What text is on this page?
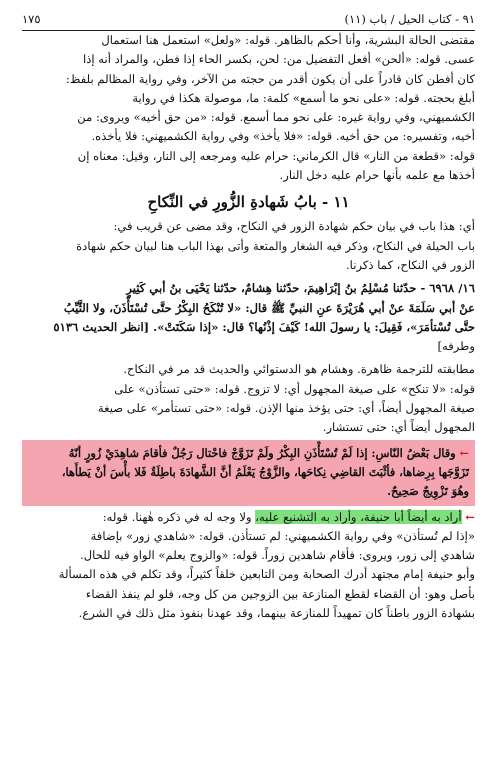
٩١ - كتاب الحيل / باب (١١)
١٧٥

مقتضى الحالة البشرية، وأنا أحكم بالظاهر. قوله: «ولعل» استعمل هنا استعمال

عسى. قوله: «ألحن» أفعل التفضيل من: لحن، بكسر الحاء إذا فطن، والمراد أنه إذا

كان أفطن كان قادراً على أن يكون أقدر من حجته من الآخر، وفي رواية المظالم بلفظ:

أبلغ بحجته. قوله: «على نحو ما أسمع» كلمة: ما، موصولة هكذا في رواية

الكشميهني، وفي رواية غيره: على نحو مما أسمع. قوله: «من حق أخيه» ويروى: من

أخيه، وتفسيره: من حق أخيه. قوله: «فلا يأخذ» وفي رواية الكشميهني: فلا يأخذه.

قوله: «قطعة من النار» قال الكرماني: حرام عليه ومرجعه إلى النار، وقيل: معناه إن

أخذها مع علمه بأنها حرام عليه دخل النار.

١١ - بابُ شَهادةِ الزُّورِ في النِّكاحِ

أي: هذا باب في بيان حكم شهادة الزور في النكاح، وقد مضى عن قريب في:

باب الحيلة في النكاح، وذكر فيه الشغار والمتعة وأتى بهذا الباب هنا لبيان حكم شهادة

الزور في النكاح، كما ذكرنا.

١٦/ ٦٩٦٨ - حدّثنا مُسْلِمُ بنُ إبْرَاهِيمَ، حدّثنا هِشامٌ، حدّثنا يَحْيَى بنُ أبي كَثِيرٍ

عنْ أبي سَلَمَةَ عنْ أبي هُرَيْرَةَ عنِ النبيِّ ﷺ قال: «لا تُنْكَحُ البِكْرُ حتَّى تُسْتَأْذَنَ، ولا الثَّيِّبُ

حتَّى تُسْتأمَرَ»، فَقِيلَ: يا رسولَ الله! كَيْفَ إذْنُها؟ قال: «إذا سَكَتَتْ». [انظر الحديث ٥١٣٦

وطرفه]

مطابقته للترجمة ظاهرة. وهشام هو الدستوائي والحديث قد مر في النكاح.

قوله: «لا تنكح» على صيغة المجهول أي: لا تزوج. قوله: «حتى تستأذن» على

صيغة المجهول أيضاً، أي: حتى يؤخذ منها الإذن. قوله: «حتى تستأمر» على صيغة

المجهول أيضاً أي: حتى تستشار.

← وقال بَعْضُ النّاسِ: إذا لَمْ تُسْتَأْذَنِ البِكْرُ ولَمْ تَزَوَّجْ فاحْتال رَجُلٌ فأقامَ شاهِدَيْ زُورٍ أنّهُ

تَزَوَّجَها بِرِضاها، فأثْبَتَ القاضِي نِكاحَها، والزَّوْجُ يَعْلَمُ أنَّ الشَّهادَةَ باطِلَةٌ فَلا بأْسَ أنْ يَطأَها،

وهُوَ تَزْوِيجٌ صَحِيحٌ.

← أراد به أيضاً أبا حنيفة، وأراد به التشنيع عليه، ولا وجه له في ذكره هٰهنا. قوله:

«إذا لم تُستأذن» وفي رواية الكشميهني: لم تستأذن. قوله: «شاهدي زور» بإضافة

شاهدي إلى زور، ويروى: فأقام شاهدين زوراً. قوله: «والزوج يعلم» الواو فيه للحال.

وأبو حنيفة إمام مجتهد أدرك الصحابة ومن التابعين خلقاً كثيراً، وقد تكلم في هذه المسألة

بأصل وهو: أن القضاء لقطع المنازعة بين الزوجين من كل وجه، فلو لم ينفذ القضاء

بشهادة الزور باطناً كان تمهيداً للمنازعة بينهما، وقد عهدنا بنفوذ مثل ذلك في الشرع.
